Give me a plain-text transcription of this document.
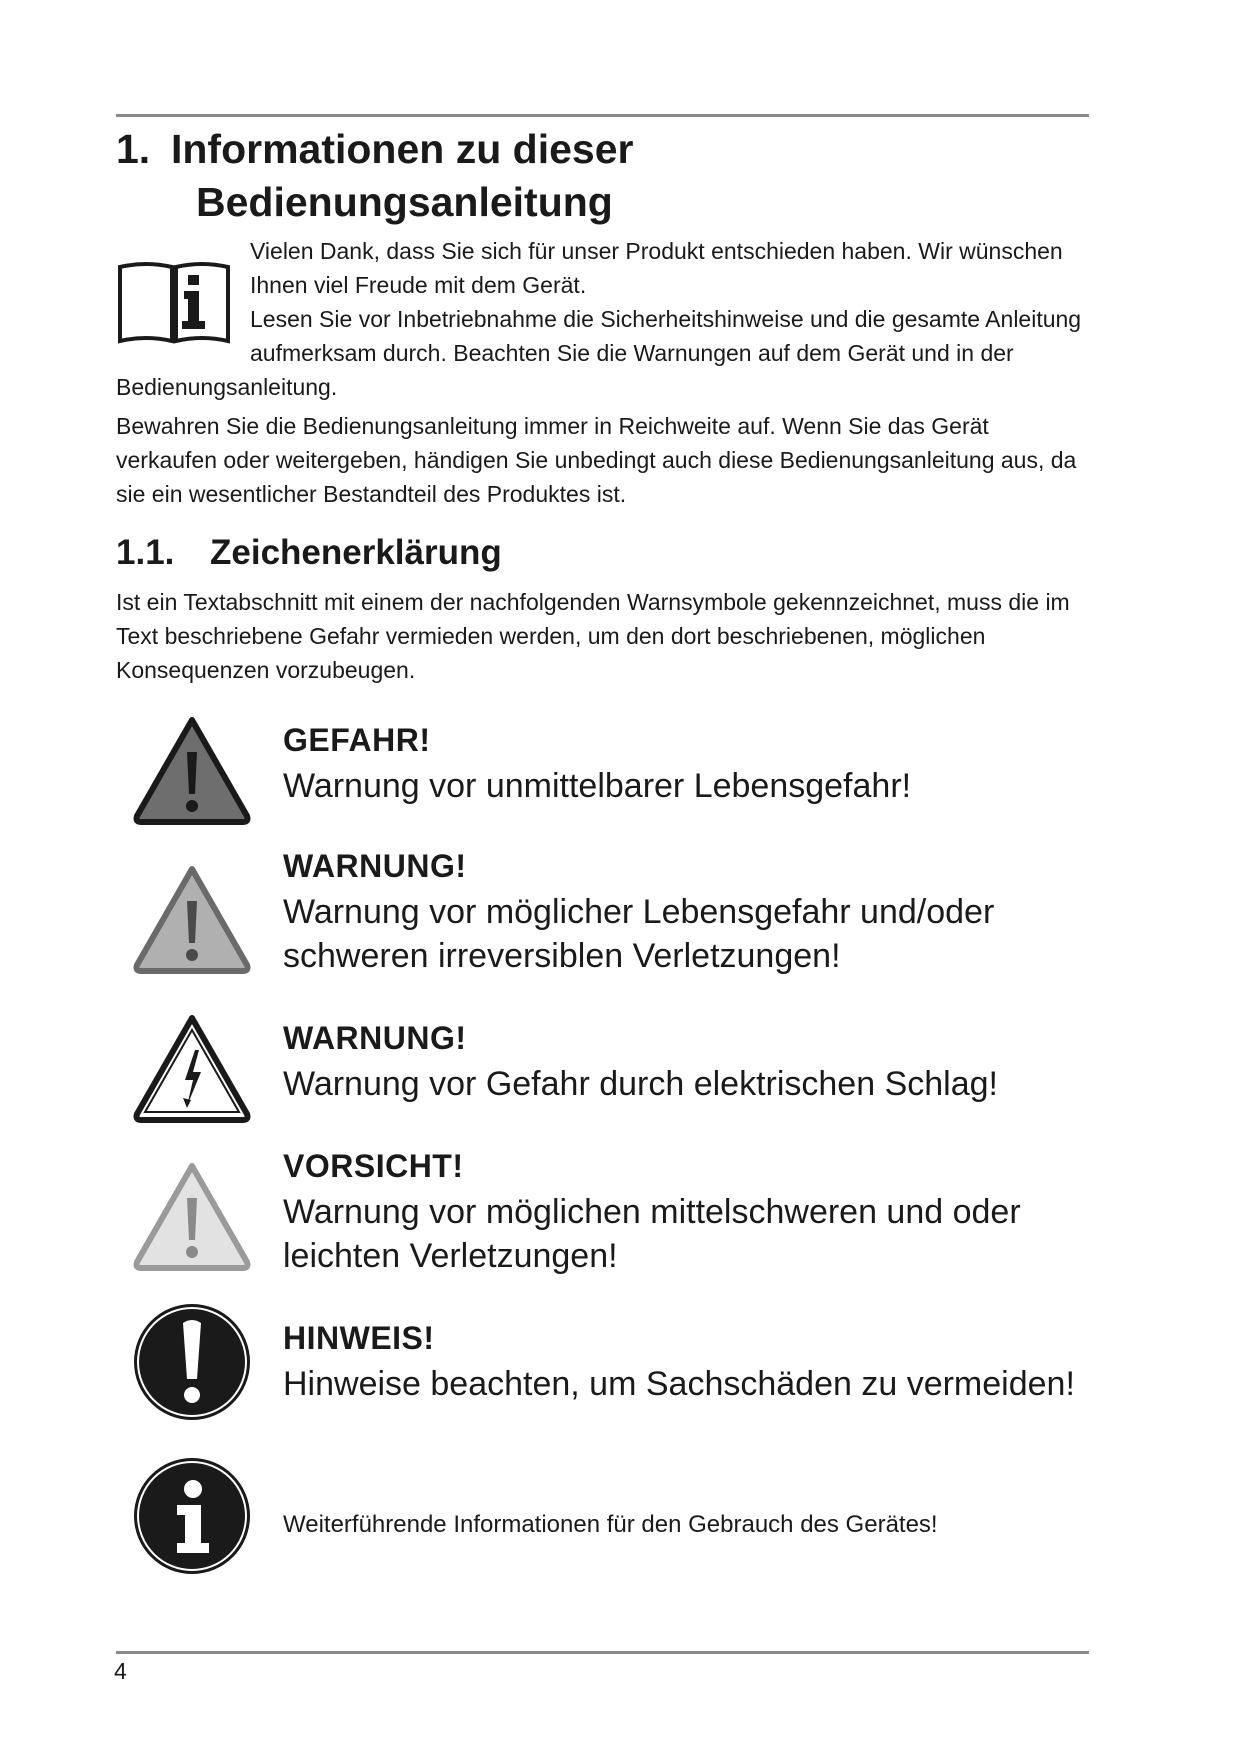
1. Informationen zu dieser
Bedienungsanleitung
Vielen Dank, dass Sie sich für unser Produkt entschieden haben. Wir wünschen Ihnen viel Freude mit dem Gerät.
Lesen Sie vor Inbetriebnahme die Sicherheitshinweise und die gesamte Anleitung aufmerksam durch. Beachten Sie die Warnungen auf dem Gerät und in der Bedienungsanleitung.

Bewahren Sie die Bedienungsanleitung immer in Reichweite auf. Wenn Sie das Gerät verkaufen oder weitergeben, händigen Sie unbedingt auch diese Bedienungsanleitung aus, da sie ein wesentlicher Bestandteil des Produktes ist.

1.1. Zeichenerklärung

Ist ein Textabschnitt mit einem der nachfolgenden Warnsymbole gekennzeichnet, muss die im Text beschriebene Gefahr vermieden werden, um den dort beschriebenen, möglichen Konsequenzen vorzubeugen.

GEFAHR!

Warnung vor unmittelbarer Lebensgefahr!

WARNUNG!

Warnung vor möglicher Lebensgefahr und/oder schweren irreversiblen Verletzungen!

WARNUNG!

Warnung vor Gefahr durch elektrischen Schlag!

VORSICHT!

Warnung vor möglichen mittelschweren und oder leichten Verletzungen!

HINWEIS!

Hinweise beachten, um Sachschäden zu vermeiden!

Weiterführende Informationen für den Gebrauch des Gerätes!
4
